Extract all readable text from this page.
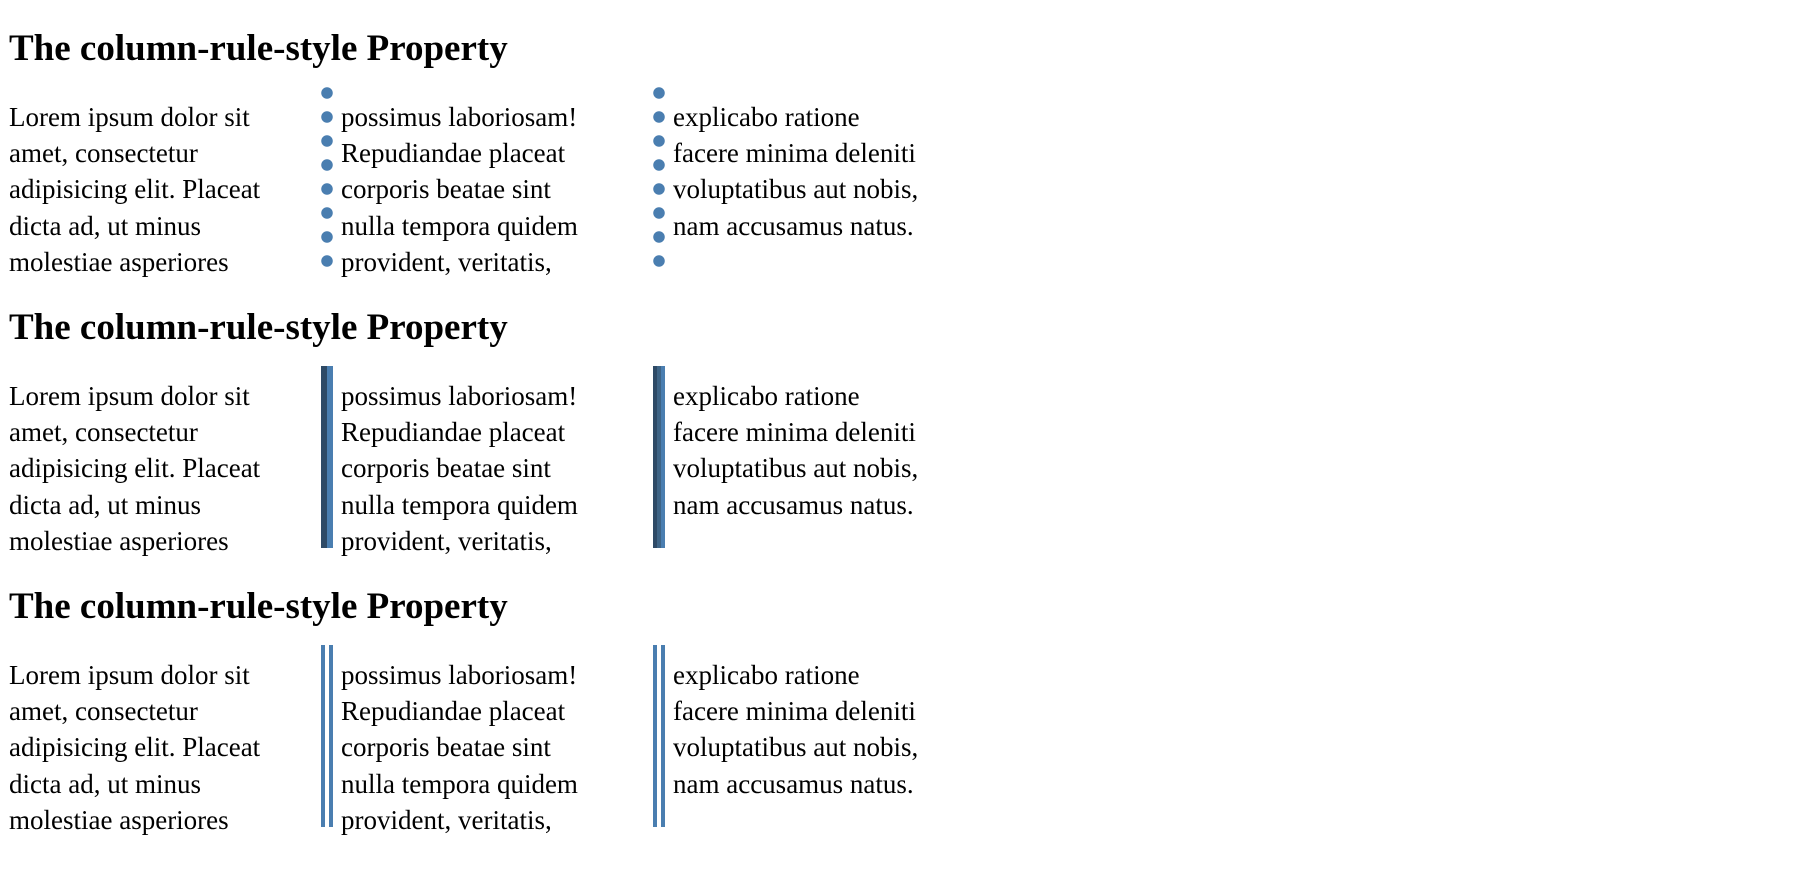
The column-rule-style Property
Lorem ipsum dolor sit
amet, consectetur
adipisicing elit. Placeat
dicta ad, ut minus
molestiae asperiores
possimus laboriosam!
Repudiandae placeat
corporis beatae sint
nulla tempora quidem
provident, veritatis,
explicabo ratione
facere minima deleniti
voluptatibus aut nobis,
nam accusamus natus.
The column-rule-style Property
Lorem ipsum dolor sit
amet, consectetur
adipisicing elit. Placeat
dicta ad, ut minus
molestiae asperiores
possimus laboriosam!
Repudiandae placeat
corporis beatae sint
nulla tempora quidem
provident, veritatis,
explicabo ratione
facere minima deleniti
voluptatibus aut nobis,
nam accusamus natus.
The column-rule-style Property
Lorem ipsum dolor sit
amet, consectetur
adipisicing elit. Placeat
dicta ad, ut minus
molestiae asperiores
possimus laboriosam!
Repudiandae placeat
corporis beatae sint
nulla tempora quidem
provident, veritatis,
explicabo ratione
facere minima deleniti
voluptatibus aut nobis,
nam accusamus natus.
